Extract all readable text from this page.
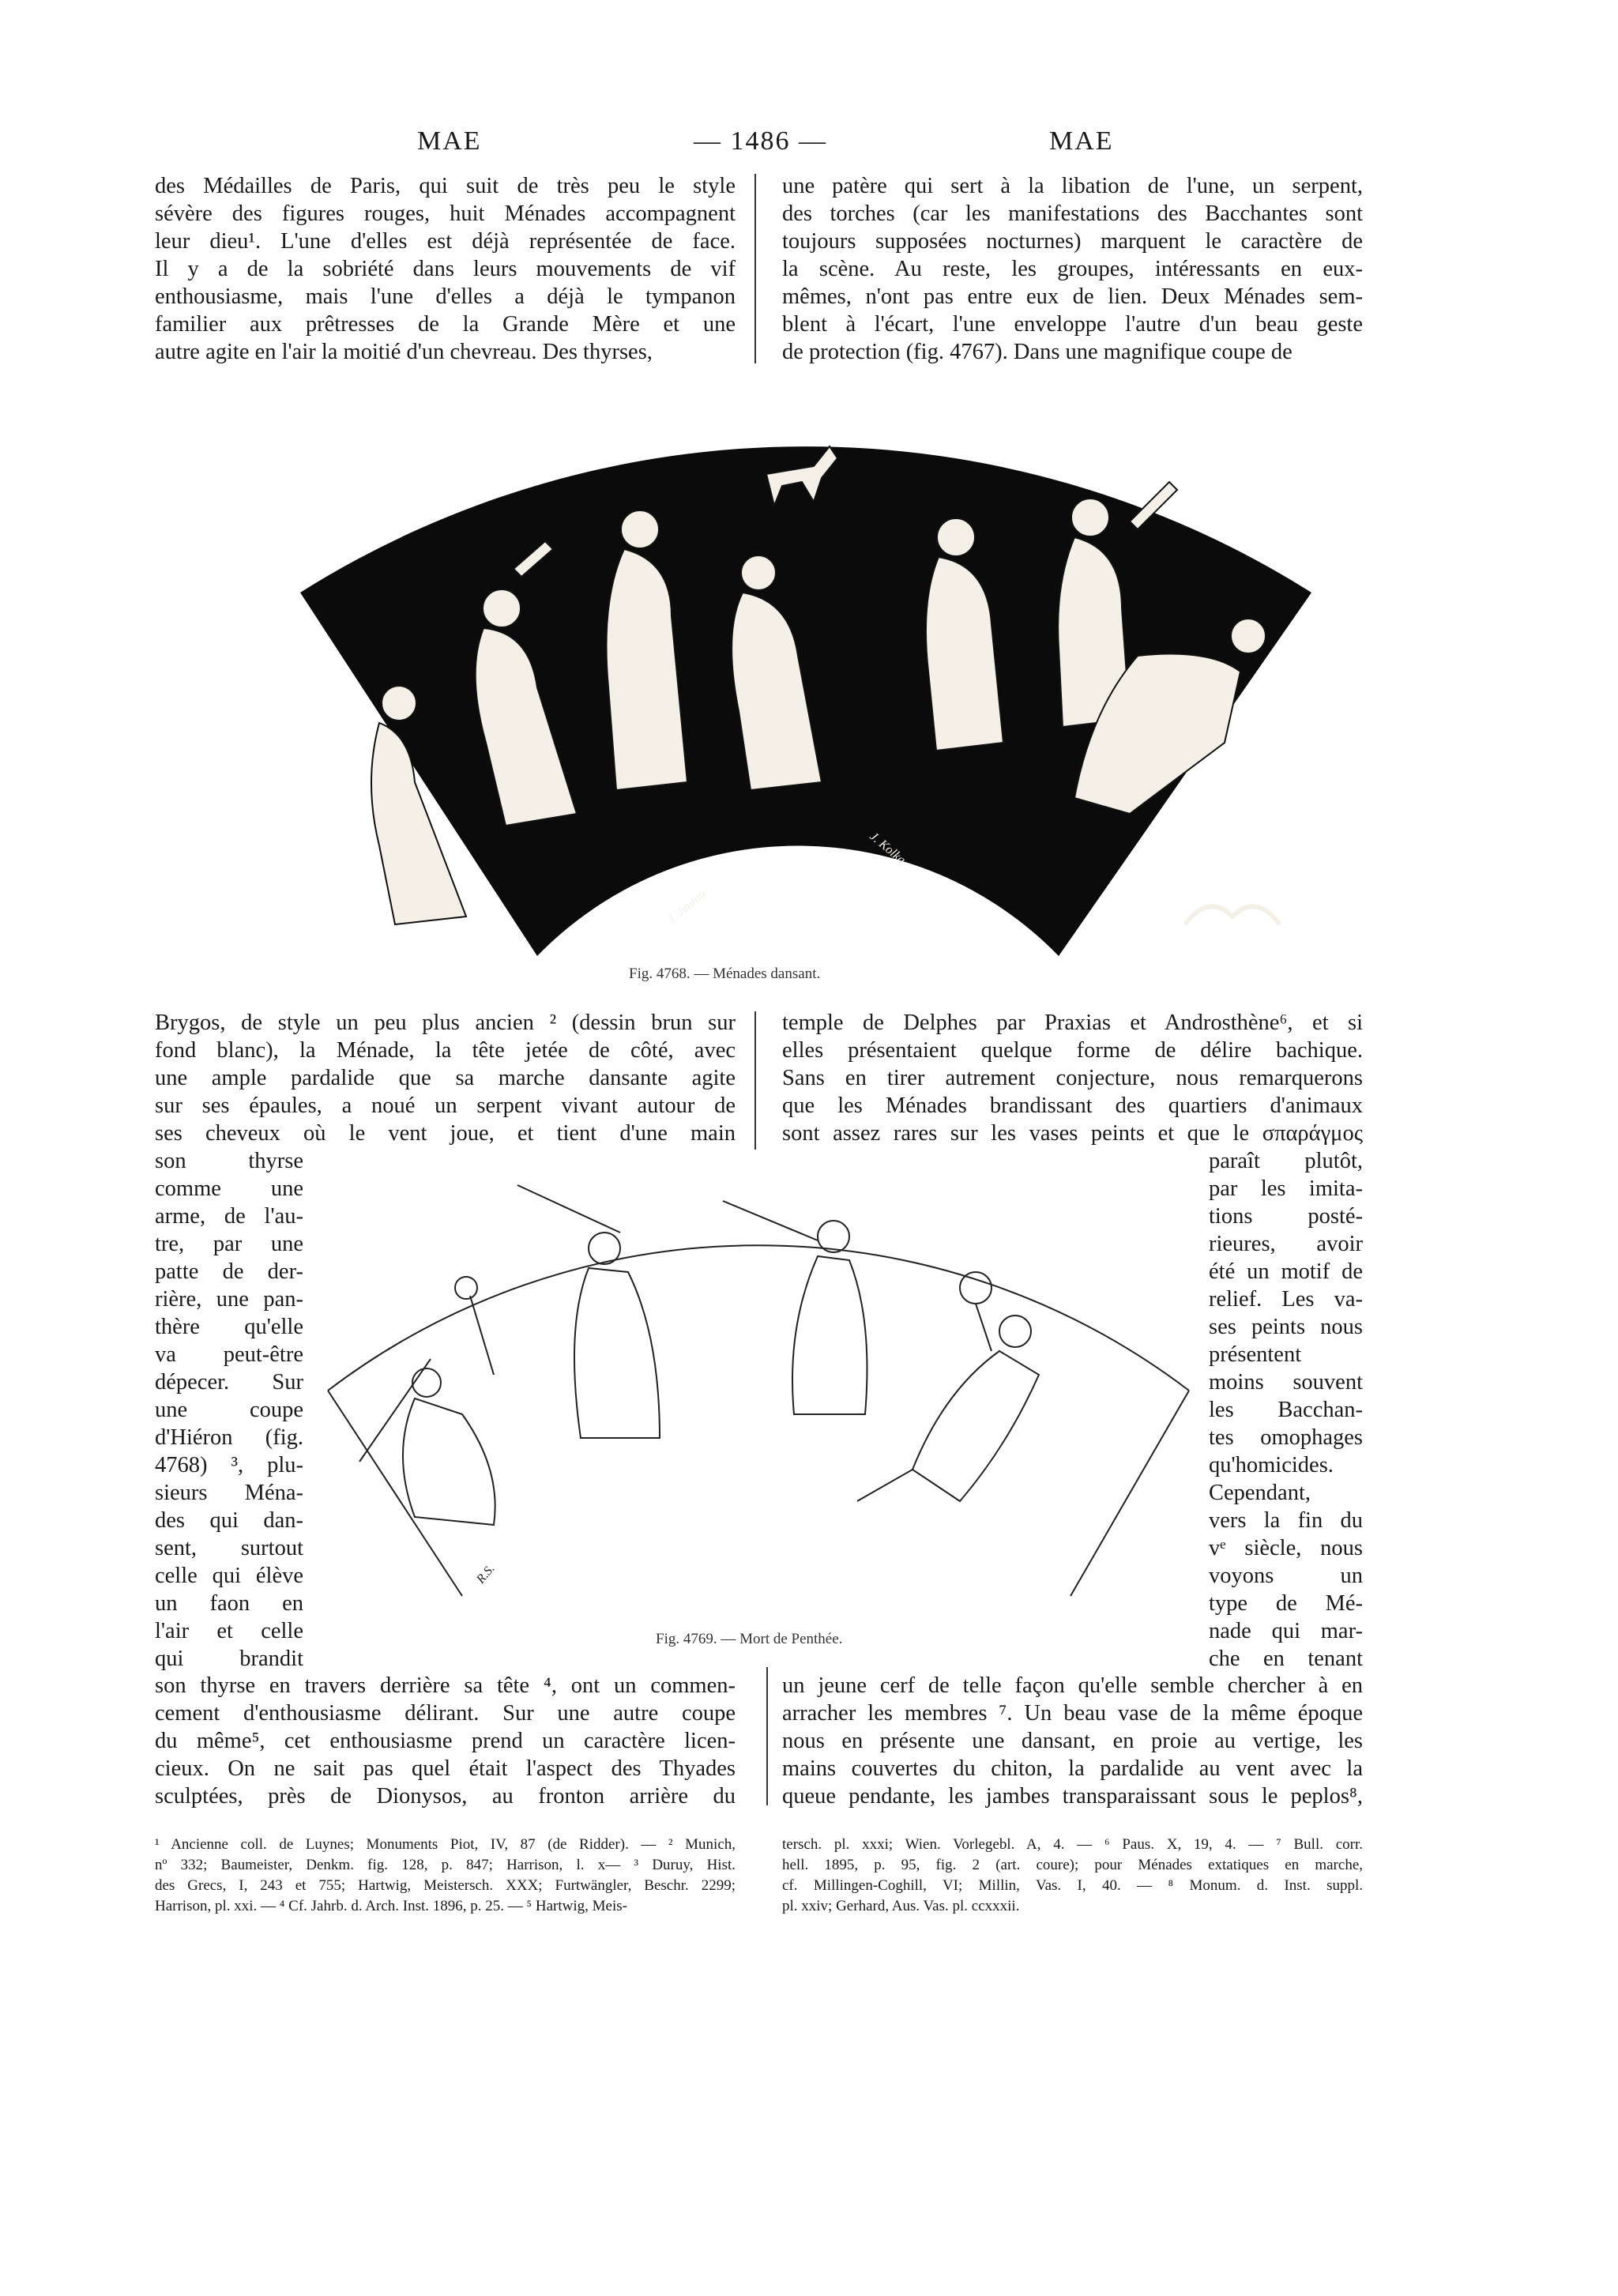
MAE	— 1486 —	MAE
des Médailles de Paris, qui suit de très peu le style
sévère des figures rouges, huit Ménades accompagnent
leur dieu¹. L'une d'elles est déjà représentée de face.
Il y a de la sobriété dans leurs mouvements de vif
enthousiasme, mais l'une d'elles a déjà le tympanon
familier aux prêtresses de la Grande Mère et une
autre agite en l'air la moitié d'un chevreau. Des thyrses,
une patère qui sert à la libation de l'une, un serpent,
des torches (car les manifestations des Bacchantes sont
toujours supposées nocturnes) marquent le caractère de
la scène. Au reste, les groupes, intéressants en eux-
mêmes, n'ont pas entre eux de lien. Deux Ménades sem-
blent à l'écart, l'une enveloppe l'autre d'un beau geste
de protection (fig. 4767). Dans une magnifique coupe de
J. Jeuiau
J. Kolka
Fig. 4768. — Ménades dansant.
Brygos, de style un peu plus ancien ² (dessin brun sur
fond blanc), la Ménade, la tête jetée de côté, avec
une ample pardalide que sa marche dansante agite
sur ses épaules, a noué un serpent vivant autour de
ses cheveux où le vent joue, et tient d'une main
temple de Delphes par Praxias et Androsthène⁶, et si
elles présentaient quelque forme de délire bachique.
Sans en tirer autrement conjecture, nous remarquerons
que les Ménades brandissant des quartiers d'animaux
sont assez rares sur les vases peints et que le σπαράγμος
son thyrse
comme une
arme, de l'au-
tre, par une
patte de der-
rière, une pan-
thère qu'elle
va peut-être
dépecer. Sur
une coupe
d'Hiéron (fig.
4768) ³, plu-
sieurs Ména-
des qui dan-
sent, surtout
celle qui élève
un faon en
l'air et celle
qui brandit
paraît plutôt,
par les imita-
tions posté-
rieures, avoir
été un motif de
relief. Les va-
ses peints nous
présentent
moins souvent
les Bacchan-
tes omophages
qu'homicides.
Cependant,
vers la fin du
vᵉ siècle, nous
voyons un
type de Mé-
nade qui mar-
che en tenant
R.S.
Fig. 4769. — Mort de Penthée.
son thyrse en travers derrière sa tête ⁴, ont un commen-
cement d'enthousiasme délirant. Sur une autre coupe
du même⁵, cet enthousiasme prend un caractère licen-
cieux. On ne sait pas quel était l'aspect des Thyades
sculptées, près de Dionysos, au fronton arrière du
un jeune cerf de telle façon qu'elle semble chercher à en
arracher les membres ⁷. Un beau vase de la même époque
nous en présente une dansant, en proie au vertige, les
mains couvertes du chiton, la pardalide au vent avec la
queue pendante, les jambes transparaissant sous le peplos⁸,
¹ Ancienne coll. de Luynes; Monuments Piot, IV, 87 (de Ridder). — ² Munich,
nº 332; Baumeister, Denkm. fig. 128, p. 847; Harrison, l. x— ³ Duruy, Hist.
des Grecs, I, 243 et 755; Hartwig, Meistersch. XXX; Furtwängler, Beschr. 2299;
Harrison, pl. xxi. — ⁴ Cf. Jahrb. d. Arch. Inst. 1896, p. 25. — ⁵ Hartwig, Meis-
tersch. pl. xxxi; Wien. Vorlegebl. A, 4. — ⁶ Paus. X, 19, 4. — ⁷ Bull. corr.
hell. 1895, p. 95, fig. 2 (art. coure); pour Ménades extatiques en marche,
cf. Millingen-Coghill, VI; Millin, Vas. I, 40. — ⁸ Monum. d. Inst. suppl.
pl. xxiv; Gerhard, Aus. Vas. pl. ccxxxii.
